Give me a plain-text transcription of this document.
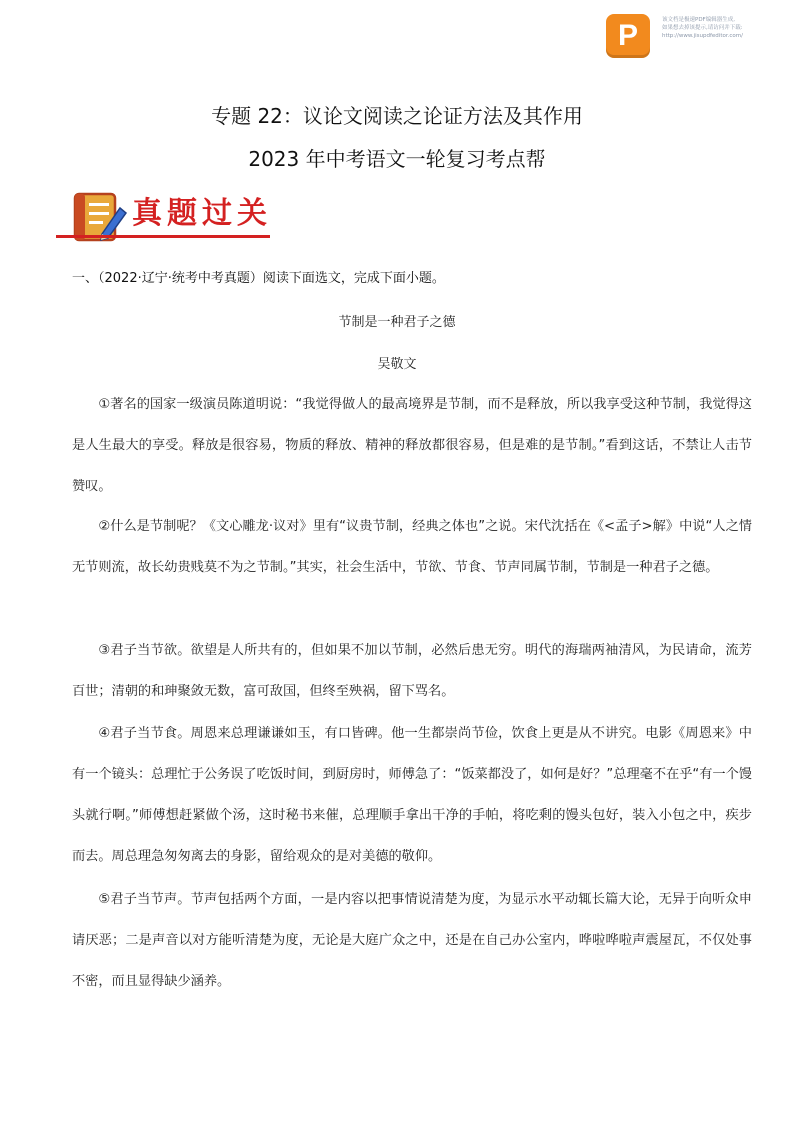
P	该文档是极速PDF编辑器生成,
如果想去掉该提示,请访问并下载:
http://www.jisupdfeditor.com/
专题 22：议论文阅读之论证方法及其作用
2023 年中考语文一轮复习考点帮
真题过关
一、（2022·辽宁·统考中考真题）阅读下面选文，完成下面小题。
节制是一种君子之德
吴敬文
①著名的国家一级演员陈道明说：“我觉得做人的最高境界是节制，而不是释放，所以我享受这种节制，我觉得这是人生最大的享受。释放是很容易，物质的释放、精神的释放都很容易，但是难的是节制。”看到这话，不禁让人击节赞叹。
②什么是节制呢？《文心雕龙·议对》里有“议贵节制，经典之体也”之说。宋代沈括在《<孟子>解》中说“人之情无节则流，故长幼贵贱莫不为之节制。”其实，社会生活中，节欲、节食、节声同属节制，节制是一种君子之德。
③君子当节欲。欲望是人所共有的，但如果不加以节制，必然后患无穷。明代的海瑞两袖清风，为民请命，流芳百世；清朝的和珅聚敛无数，富可敌国，但终至殃祸，留下骂名。
④君子当节食。周恩来总理谦谦如玉，有口皆碑。他一生都崇尚节俭，饮食上更是从不讲究。电影《周恩来》中有一个镜头：总理忙于公务误了吃饭时间，到厨房时，师傅急了：“饭菜都没了，如何是好？”总理毫不在乎“有一个馒头就行啊。”师傅想赶紧做个汤，这时秘书来催，总理顺手拿出干净的手帕，将吃剩的馒头包好，装入小包之中，疾步而去。周总理急匆匆离去的身影，留给观众的是对美德的敬仰。
⑤君子当节声。节声包括两个方面，一是内容以把事情说清楚为度，为显示水平动辄长篇大论，无异于向听众申请厌恶；二是声音以对方能听清楚为度，无论是大庭广众之中，还是在自己办公室内，哗啦哗啦声震屋瓦，不仅处事不密，而且显得缺少涵养。
